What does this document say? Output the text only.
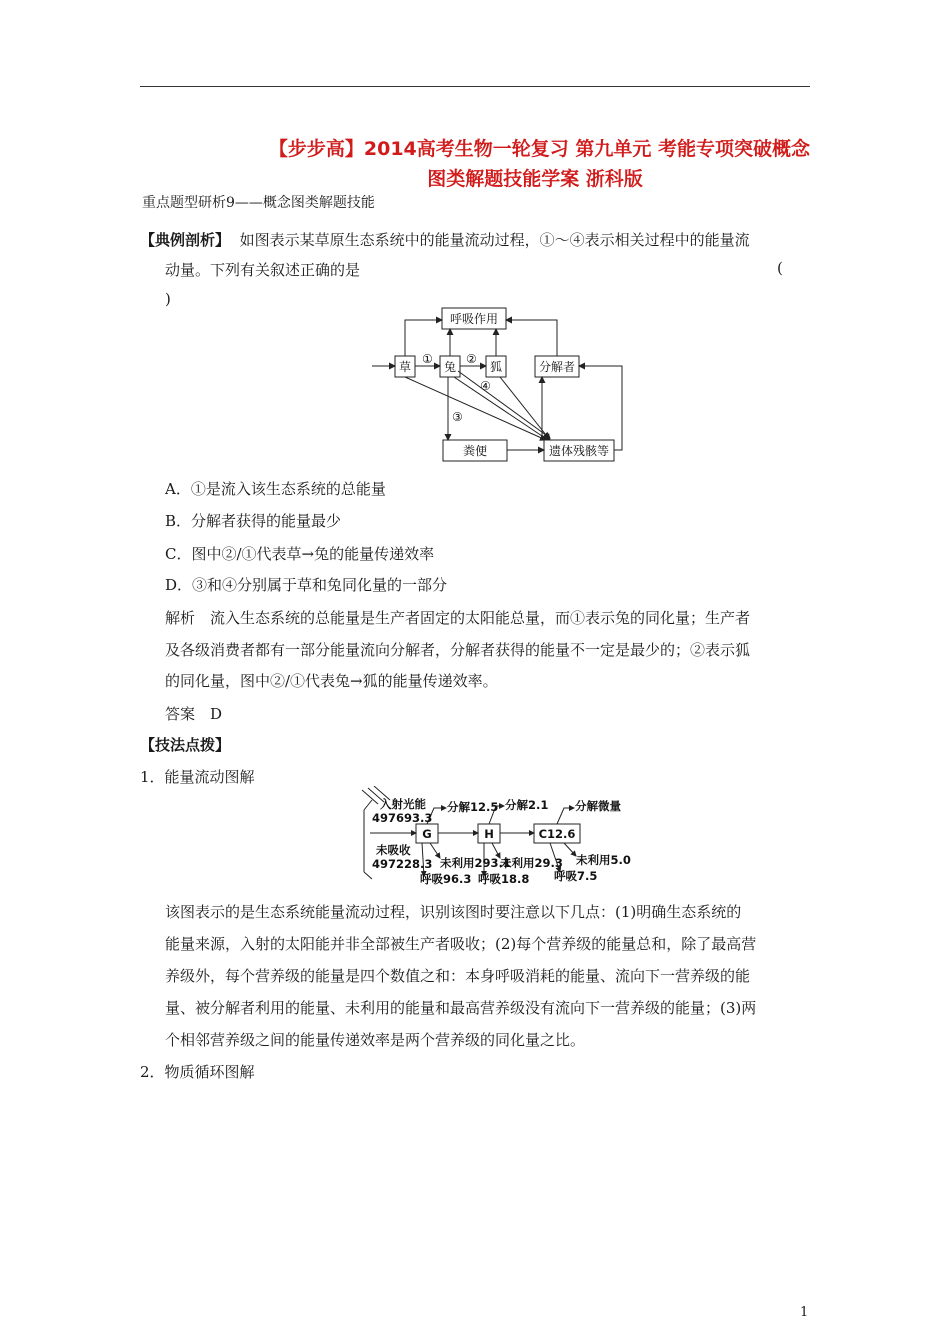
【步步高】2014高考生物一轮复习 第九单元 考能专项突破概念
图类解题技能学案 浙科版
重点题型研析9——概念图类解题技能
【典例剖析】 如图表示某草原生态系统中的能量流动过程，①～④表示相关过程中的能量流
动量。下列有关叙述正确的是	(
)
呼吸作用
草	兔	狐	分解者
粪便	遗体残骸等
①	②
③
④
A．①是流入该生态系统的总能量
B．分解者获得的能量最少
C．图中②/①代表草→兔的能量传递效率
D．③和④分别属于草和兔同化量的一部分
解析　流入生态系统的总能量是生产者固定的太阳能总量，而①表示兔的同化量；生产者
及各级消费者都有一部分能量流向分解者，分解者获得的能量不一定是最少的；②表示狐
的同化量，图中②/①代表兔→狐的能量传递效率。
答案　D
【技法点拨】
1．能量流动图解
入射光能
497693.3
未吸收
497228.3
G	H	C12.6
分解12.5 分解2.1 分解微量
未利用293.1
未利用29.3 未利用5.0
呼吸96.3 呼吸18.8 呼吸7.5
该图表示的是生态系统能量流动过程，识别该图时要注意以下几点：(1)明确生态系统的
能量来源，入射的太阳能并非全部被生产者吸收；(2)每个营养级的能量总和，除了最高营
养级外，每个营养级的能量是四个数值之和：本身呼吸消耗的能量、流向下一营养级的能
量、被分解者利用的能量、未利用的能量和最高营养级没有流向下一营养级的能量；(3)两
个相邻营养级之间的能量传递效率是两个营养级的同化量之比。
2．物质循环图解
1
